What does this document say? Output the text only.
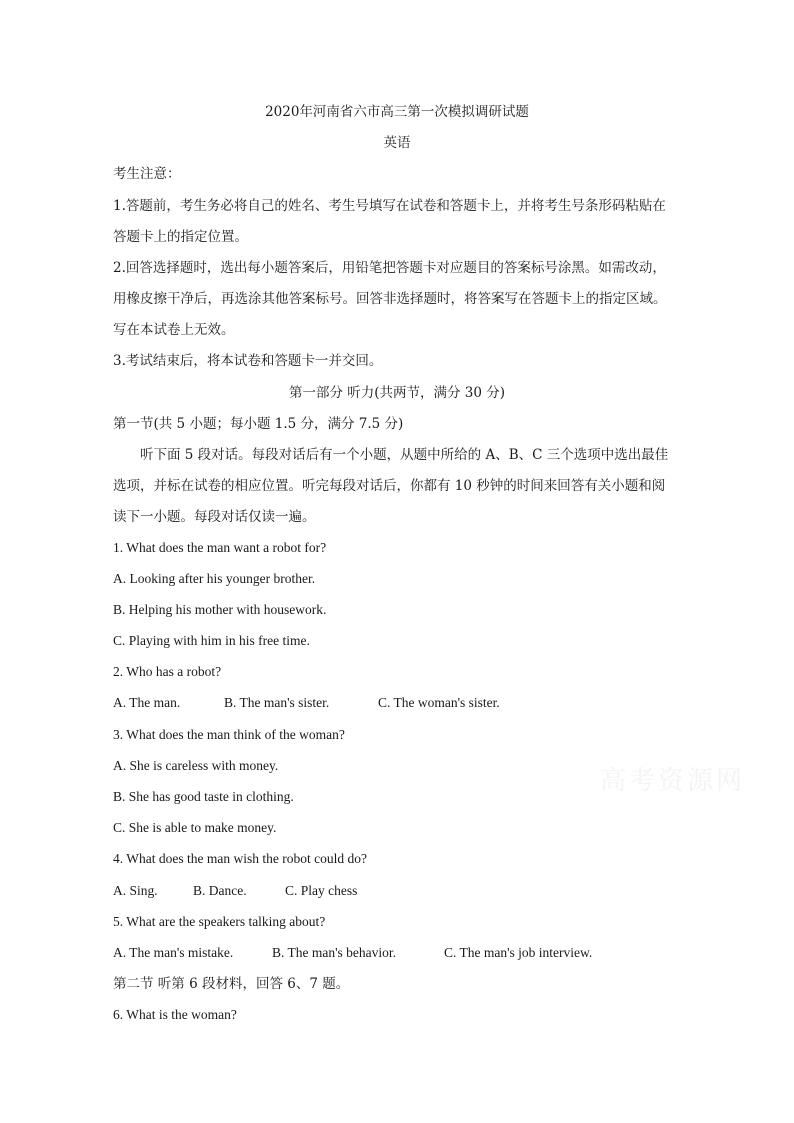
2020年河南省六市高三第一次模拟调研试题
英语
考生注意：
1.答题前，考生务必将自己的姓名、考生号填写在试卷和答题卡上，并将考生号条形码粘贴在
答题卡上的指定位置。
2.回答选择题时，选出每小题答案后，用铅笔把答题卡对应题目的答案标号涂黑。如需改动，
用橡皮擦干净后，再选涂其他答案标号。回答非选择题时，将答案写在答题卡上的指定区域。
写在本试卷上无效。
3.考试结束后，将本试卷和答题卡一并交回。
第一部分 听力(共两节，满分 30 分)
第一节(共 5 小题；每小题 1.5 分，满分 7.5 分)
听下面 5 段对话。每段对话后有一个小题，从题中所给的 A、B、C 三个选项中选出最佳
选项，并标在试卷的相应位置。听完每段对话后，你都有 10 秒钟的时间来回答有关小题和阅
读下一小题。每段对话仅读一遍。
1. What does the man want a robot for?
A. Looking after his younger brother.
B. Helping his mother with housework.
C. Playing with him in his free time.
2. Who has a robot?
A. The man.	B. The man's sister.	C. The woman's sister.
3. What does the man think of the woman?
A. She is careless with money.
B. She has good taste in clothing.
C. She is able to make money.
4. What does the man wish the robot could do?
A. Sing.	B. Dance.	C. Play chess
5. What are the speakers talking about?
A. The man's mistake.	B. The man's behavior.	C. The man's job interview.
第二节 听第 6 段材料，回答 6、7 题。
6. What is the woman?
高考资源网
